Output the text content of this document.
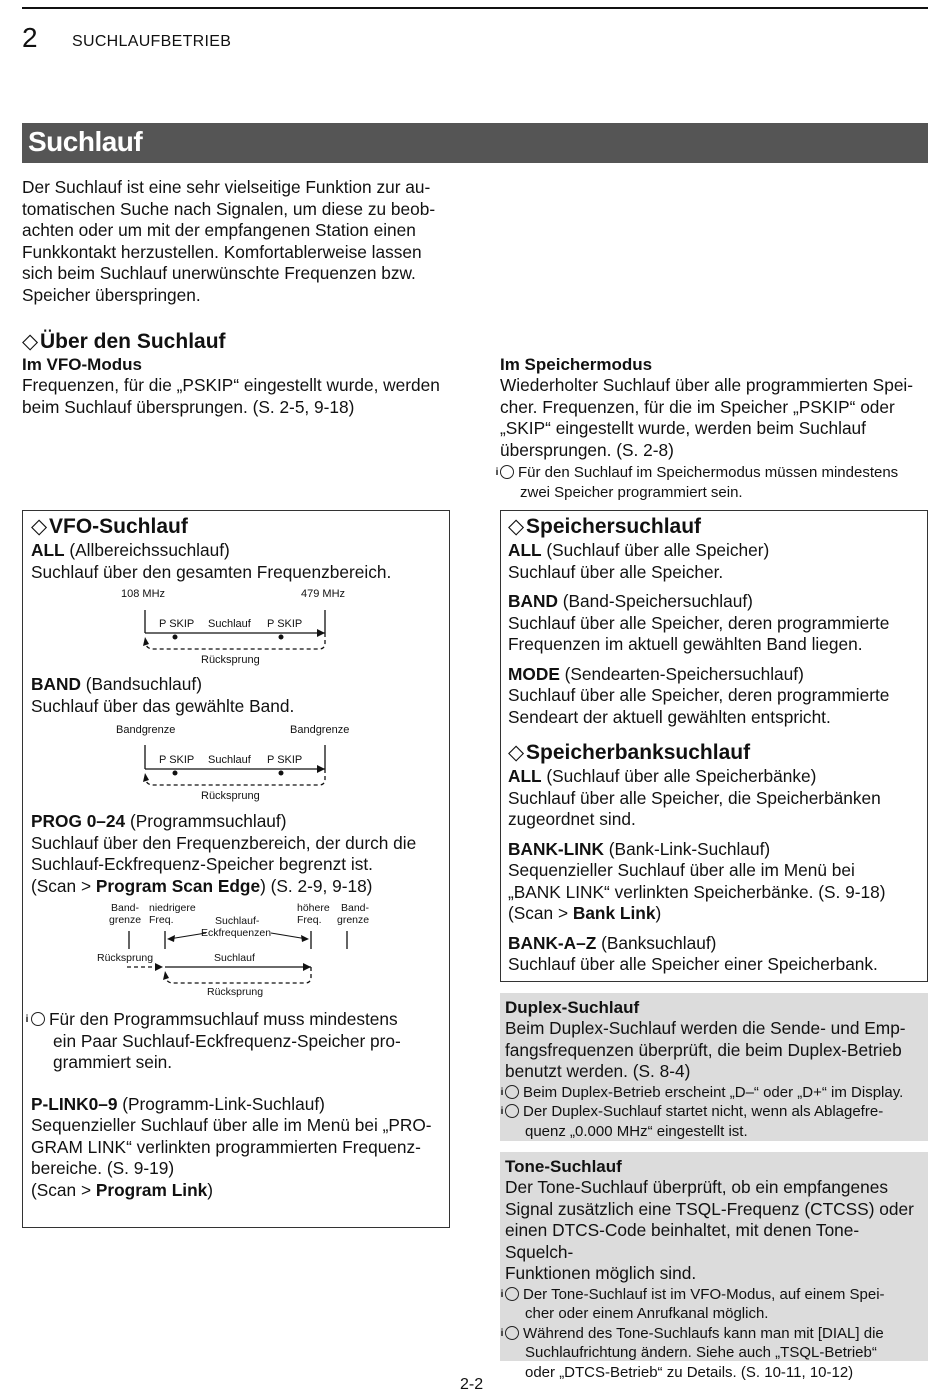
2 SUCHLAUFBETRIEB
Suchlauf
Der Suchlauf ist eine sehr vielseitige Funktion zur au-
tomatischen Suche nach Signalen, um diese zu beob-
achten oder um mit der empfangenen Station einen
Funkkontakt herzustellen. Komfortablerweise lassen
sich beim Suchlauf unerwünschte Frequenzen bzw.
Speicher überspringen.
◇Über den Suchlauf
Im VFO-Modus
Frequenzen, für die „PSKIP“ eingestellt wurde, werden
beim Suchlauf übersprungen. (S. 2-5, 9-18)
Im Speichermodus
Wiederholter Suchlauf über alle programmierten Spei-
cher. Frequenzen, für die im Speicher „PSKIP“ oder
„SKIP“ eingestellt wurde, werden beim Suchlauf
übersprungen. (S. 2-8)
i Für den Suchlauf im Speichermodus müssen mindestens
zwei Speicher programmiert sein.
◇VFO-Suchlauf
ALL (Allbereichssuchlauf)
Suchlauf über den gesamten Frequenzbereich.
108 MHz	479 MHz
P SKIP Suchlauf P SKIP
Rücksprung
BAND (Bandsuchlauf)
Suchlauf über das gewählte Band.
Bandgrenze	Bandgrenze
P SKIP Suchlauf P SKIP
Rücksprung
PROG 0–24 (Programmsuchlauf)
Suchlauf über den Frequenzbereich, der durch die
Suchlauf-Eckfrequenz-Speicher begrenzt ist.
(Scan > Program Scan Edge) (S. 2-9, 9-18)
Band-
grenze
niedrigere
Freq.	Suchlauf-
Eckfrequenzen
höhere
Freq.
Band-
grenze
Rücksprung	Suchlauf
Rücksprung
i Für den Programmsuchlauf muss mindestens
ein Paar Suchlauf-Eckfrequenz-Speicher pro-
grammiert sein.
P-LINK0–9 (Programm-Link-Suchlauf)
Sequenzieller Suchlauf über alle im Menü bei „PRO-
GRAM LINK“ verlinkten programmierten Frequenz-
bereiche. (S. 9-19)
(Scan > Program Link)
◇Speichersuchlauf
ALL (Suchlauf über alle Speicher)
Suchlauf über alle Speicher.
BAND (Band-Speichersuchlauf)
Suchlauf über alle Speicher, deren programmierte
Frequenzen im aktuell gewählten Band liegen.
MODE (Sendearten-Speichersuchlauf)
Suchlauf über alle Speicher, deren programmierte
Sendeart der aktuell gewählten entspricht.
◇Speicherbanksuchlauf
ALL (Suchlauf über alle Speicherbänke)
Suchlauf über alle Speicher, die Speicherbänken
zugeordnet sind.
BANK-LINK (Bank-Link-Suchlauf)
Sequenzieller Suchlauf über alle im Menü bei
„BANK LINK“ verlinkten Speicherbänke. (S. 9-18)
(Scan > Bank Link)
BANK-A–Z (Banksuchlauf)
Suchlauf über alle Speicher einer Speicherbank.
Duplex-Suchlauf
Beim Duplex-Suchlauf werden die Sende- und Emp-
fangsfrequenzen überprüft, die beim Duplex-Betrieb
benutzt werden. (S. 8-4)
i Beim Duplex-Betrieb erscheint „D–“ oder „D+“ im Display.
i Der Duplex-Suchlauf startet nicht, wenn als Ablagefre-
quenz „0.000 MHz“ eingestellt ist.
Tone-Suchlauf
Der Tone-Suchlauf überprüft, ob ein empfangenes
Signal zusätzlich eine TSQL-Frequenz (CTCSS) oder
einen DTCS-Code beinhaltet, mit denen Tone-Squelch-
Funktionen möglich sind.
i Der Tone-Suchlauf ist im VFO-Modus, auf einem Spei-
cher oder einem Anrufkanal möglich.
i Während des Tone-Suchlaufs kann man mit [DIAL] die
Suchlaufrichtung ändern. Siehe auch „TSQL-Betrieb“
oder „DTCS-Betrieb“ zu Details. (S. 10-11, 10-12)
2-2
